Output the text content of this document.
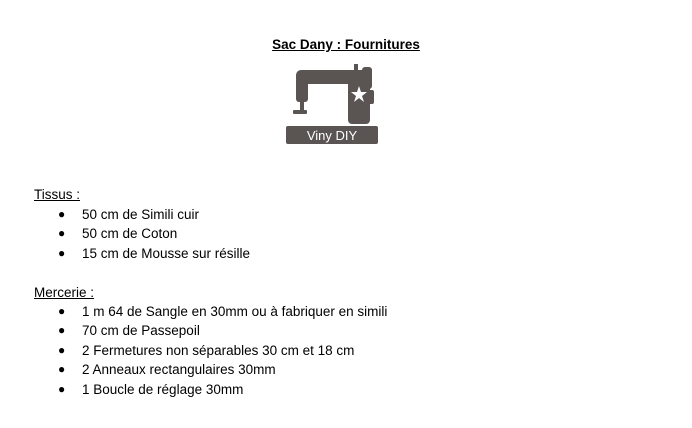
Sac Dany : Fournitures
Viny DIY
Tissus :
● 50 cm de Simili cuir
● 50 cm de Coton
● 15 cm de Mousse sur résille
Mercerie :
● 1 m 64 de Sangle en 30mm ou à fabriquer en simili
● 70 cm de Passepoil
● 2 Fermetures non séparables 30 cm et 18 cm
● 2 Anneaux rectangulaires 30mm
● 1 Boucle de réglage 30mm
